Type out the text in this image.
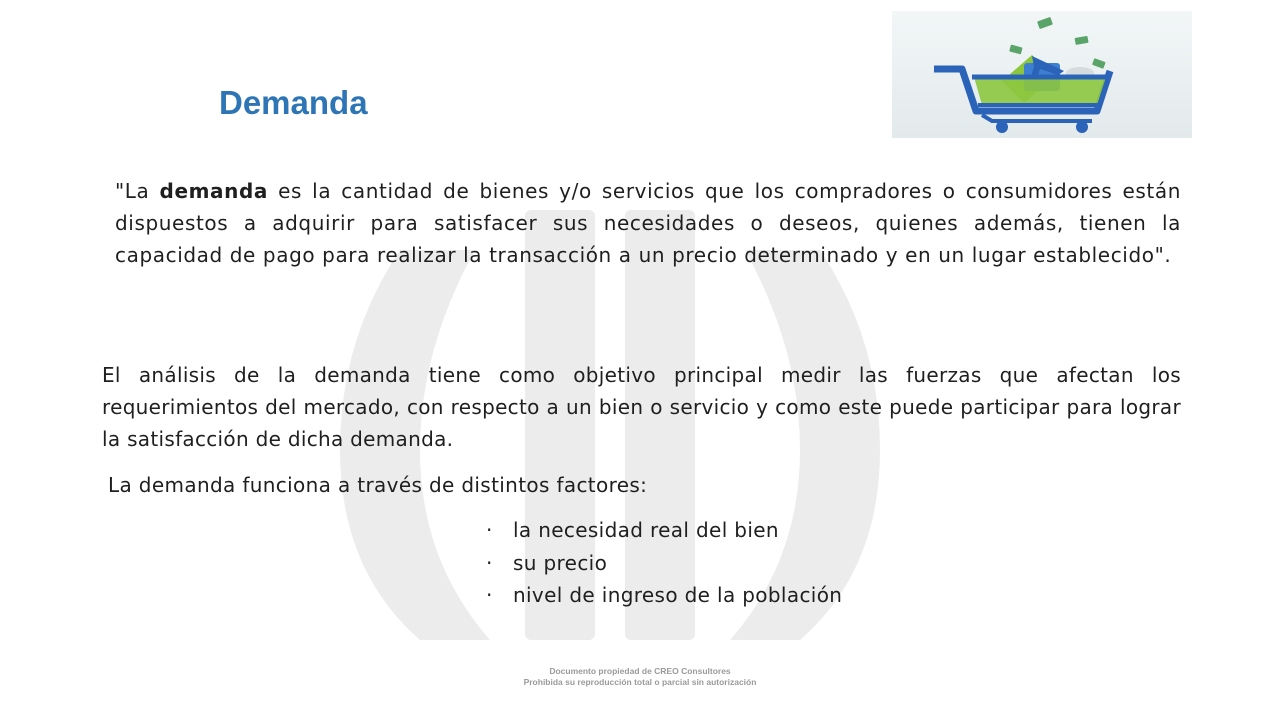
Demanda

"La demanda es la cantidad de bienes y/o servicios que los compradores o consumidores están dispuestos a adquirir para satisfacer sus necesidades o deseos, quienes además, tienen la capacidad de pago para realizar la transacción a un precio determinado y en un lugar establecido".

El análisis de la demanda tiene como objetivo principal medir las fuerzas que afectan los requerimientos del mercado, con respecto a un bien o servicio y como este puede participar para lograr la satisfacción de dicha demanda.

La demanda funciona a través de distintos factores:

· la necesidad real del bien
· su precio
· nivel de ingreso de la población
Documento propiedad de CREO Consultores
Prohibida su reproducción total o parcial sin autorización
